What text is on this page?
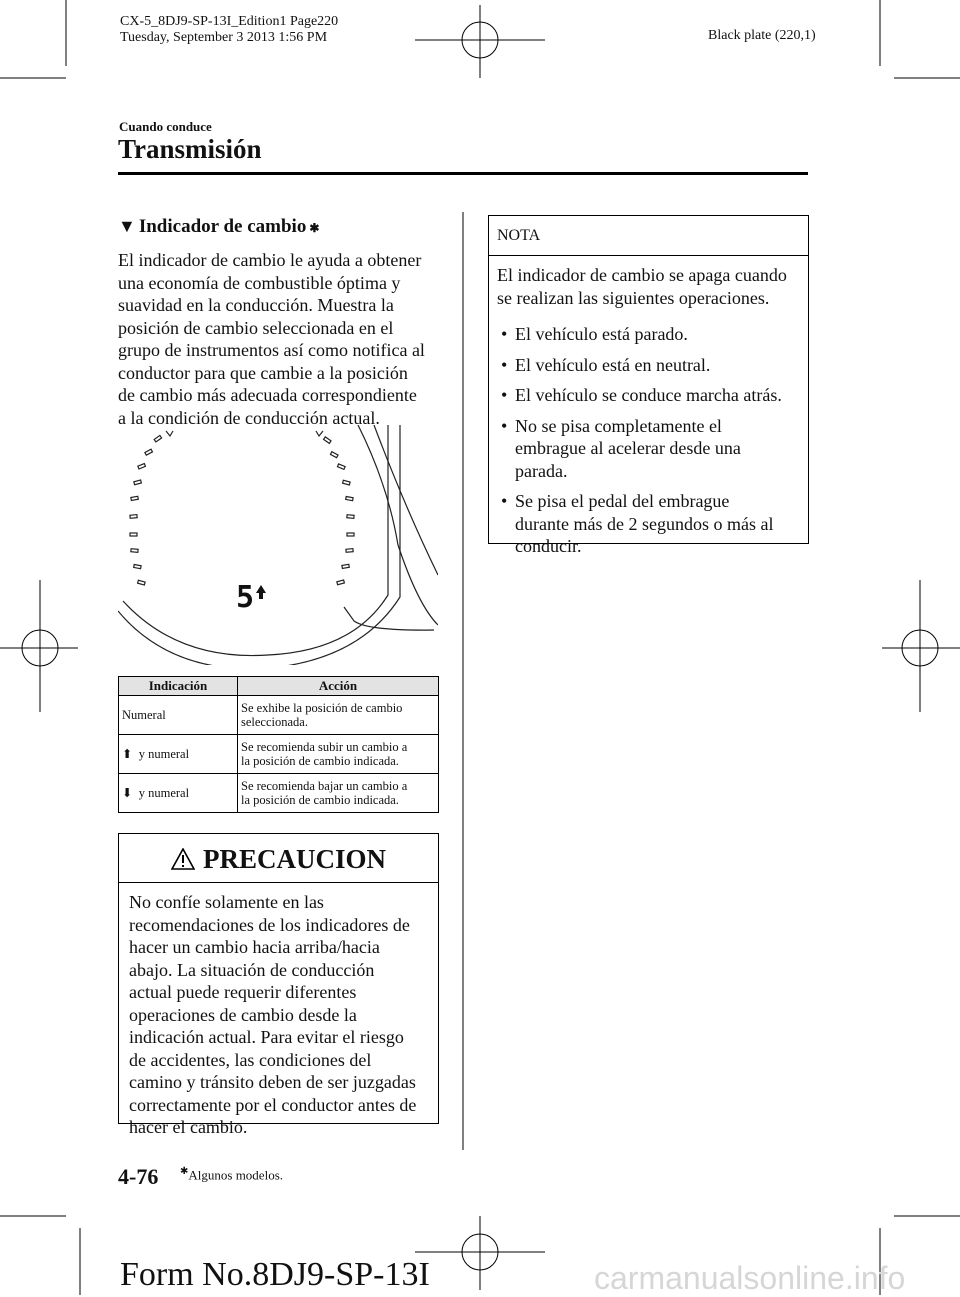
CX-5_8DJ9-SP-13I_Edition1 Page220
Tuesday, September 3 2013 1:56 PM	Black plate (220,1)
Cuando conduce
Transmisión
▼ Indicador de cambio ✱
El indicador de cambio le ayuda a obtener
una economía de combustible óptima y
suavidad en la conducción. Muestra la
posición de cambio seleccionada en el
grupo de instrumentos así como notifica al
conductor para que cambie a la posición
de cambio más adecuada correspondiente
a la condición de conducción actual.
5
Indicación	Acción
Numeral	Se exhibe la posición de cambio
seleccionada.

⬆ y numeral	Se recomienda subir un cambio a
la posición de cambio indicada.

⬇ y numeral	Se recomienda bajar un cambio a
la posición de cambio indicada.
PRECAUCION
No confíe solamente en las
recomendaciones de los indicadores de
hacer un cambio hacia arriba/hacia
abajo. La situación de conducción
actual puede requerir diferentes
operaciones de cambio desde la
indicación actual. Para evitar el riesgo
de accidentes, las condiciones del
camino y tránsito deben de ser juzgadas
correctamente por el conductor antes de
hacer el cambio.
NOTA
El indicador de cambio se apaga cuando
se realizan las siguientes operaciones.
• El vehículo está parado.
• El vehículo está en neutral.
• El vehículo se conduce marcha atrás.
• No se pisa completamente el
embrague al acelerar desde una
parada.
• Se pisa el pedal del embrague
durante más de 2 segundos o más al
conducir.
4-76 ✱Algunos modelos.
Form No.8DJ9-SP-13I	carmanualsonline.info
